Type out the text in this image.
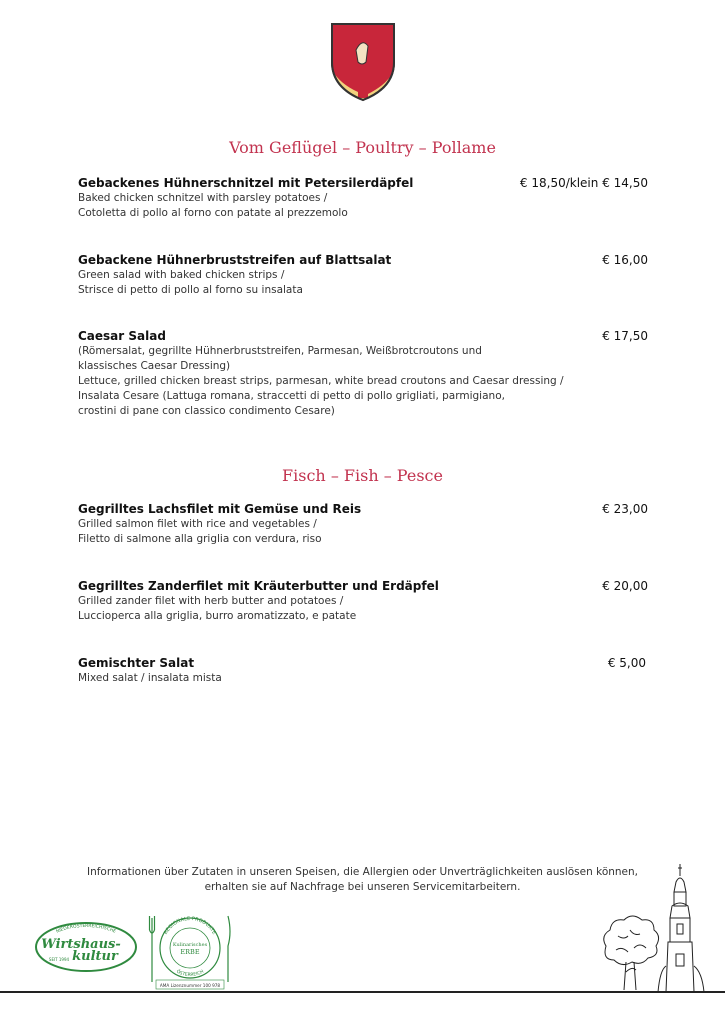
Vom Geflügel – Poultry – Pollame
Gebackenes Hühnerschnitzel mit Petersilerdäpfel	€ 18,50/klein € 14,50
Baked chicken schnitzel with parsley potatoes /
Cotoletta di pollo al forno con patate al prezzemolo
Gebackene Hühnerbruststreifen auf Blattsalat	€ 16,00
Green salad with baked chicken strips /
Strisce di petto di pollo al forno su insalata
Caesar Salad	€ 17,50
(Römersalat, gegrillte Hühnerbruststreifen, Parmesan, Weißbrotcroutons und
klassisches Caesar Dressing)
Lettuce, grilled chicken breast strips, parmesan, white bread croutons and Caesar dressing /
Insalata Cesare (Lattuga romana, straccetti di petto di pollo grigliati, parmigiano,
crostini di pane con classico condimento Cesare)
Fisch – Fish – Pesce
Gegrilltes Lachsfilet mit Gemüse und Reis	€ 23,00
Grilled salmon filet with rice and vegetables /
Filetto di salmone alla griglia con verdura, riso
Gegrilltes Zanderfilet mit Kräuterbutter und Erdäpfel	€ 20,00
Grilled zander filet with herb butter and potatoes /
Luccioperca alla griglia, burro aromatizzato, e patate
Gemischter Salat	€ 5,00
Mixed salat / insalata mista
Informationen über Zutaten in unseren Speisen, die Allergien oder Unverträglichkeiten auslösen können,
erhalten sie auf Nachfrage bei unseren Servicemitarbeitern.
NIEDERÖSTERREICHISCHE
Wirtshaus-
kultur
SEIT 1994
REGIONALE PRODUKTE
ÖSTERREICH
Kulinarisches
ERBE
AMA Lizenznummer 100 978
